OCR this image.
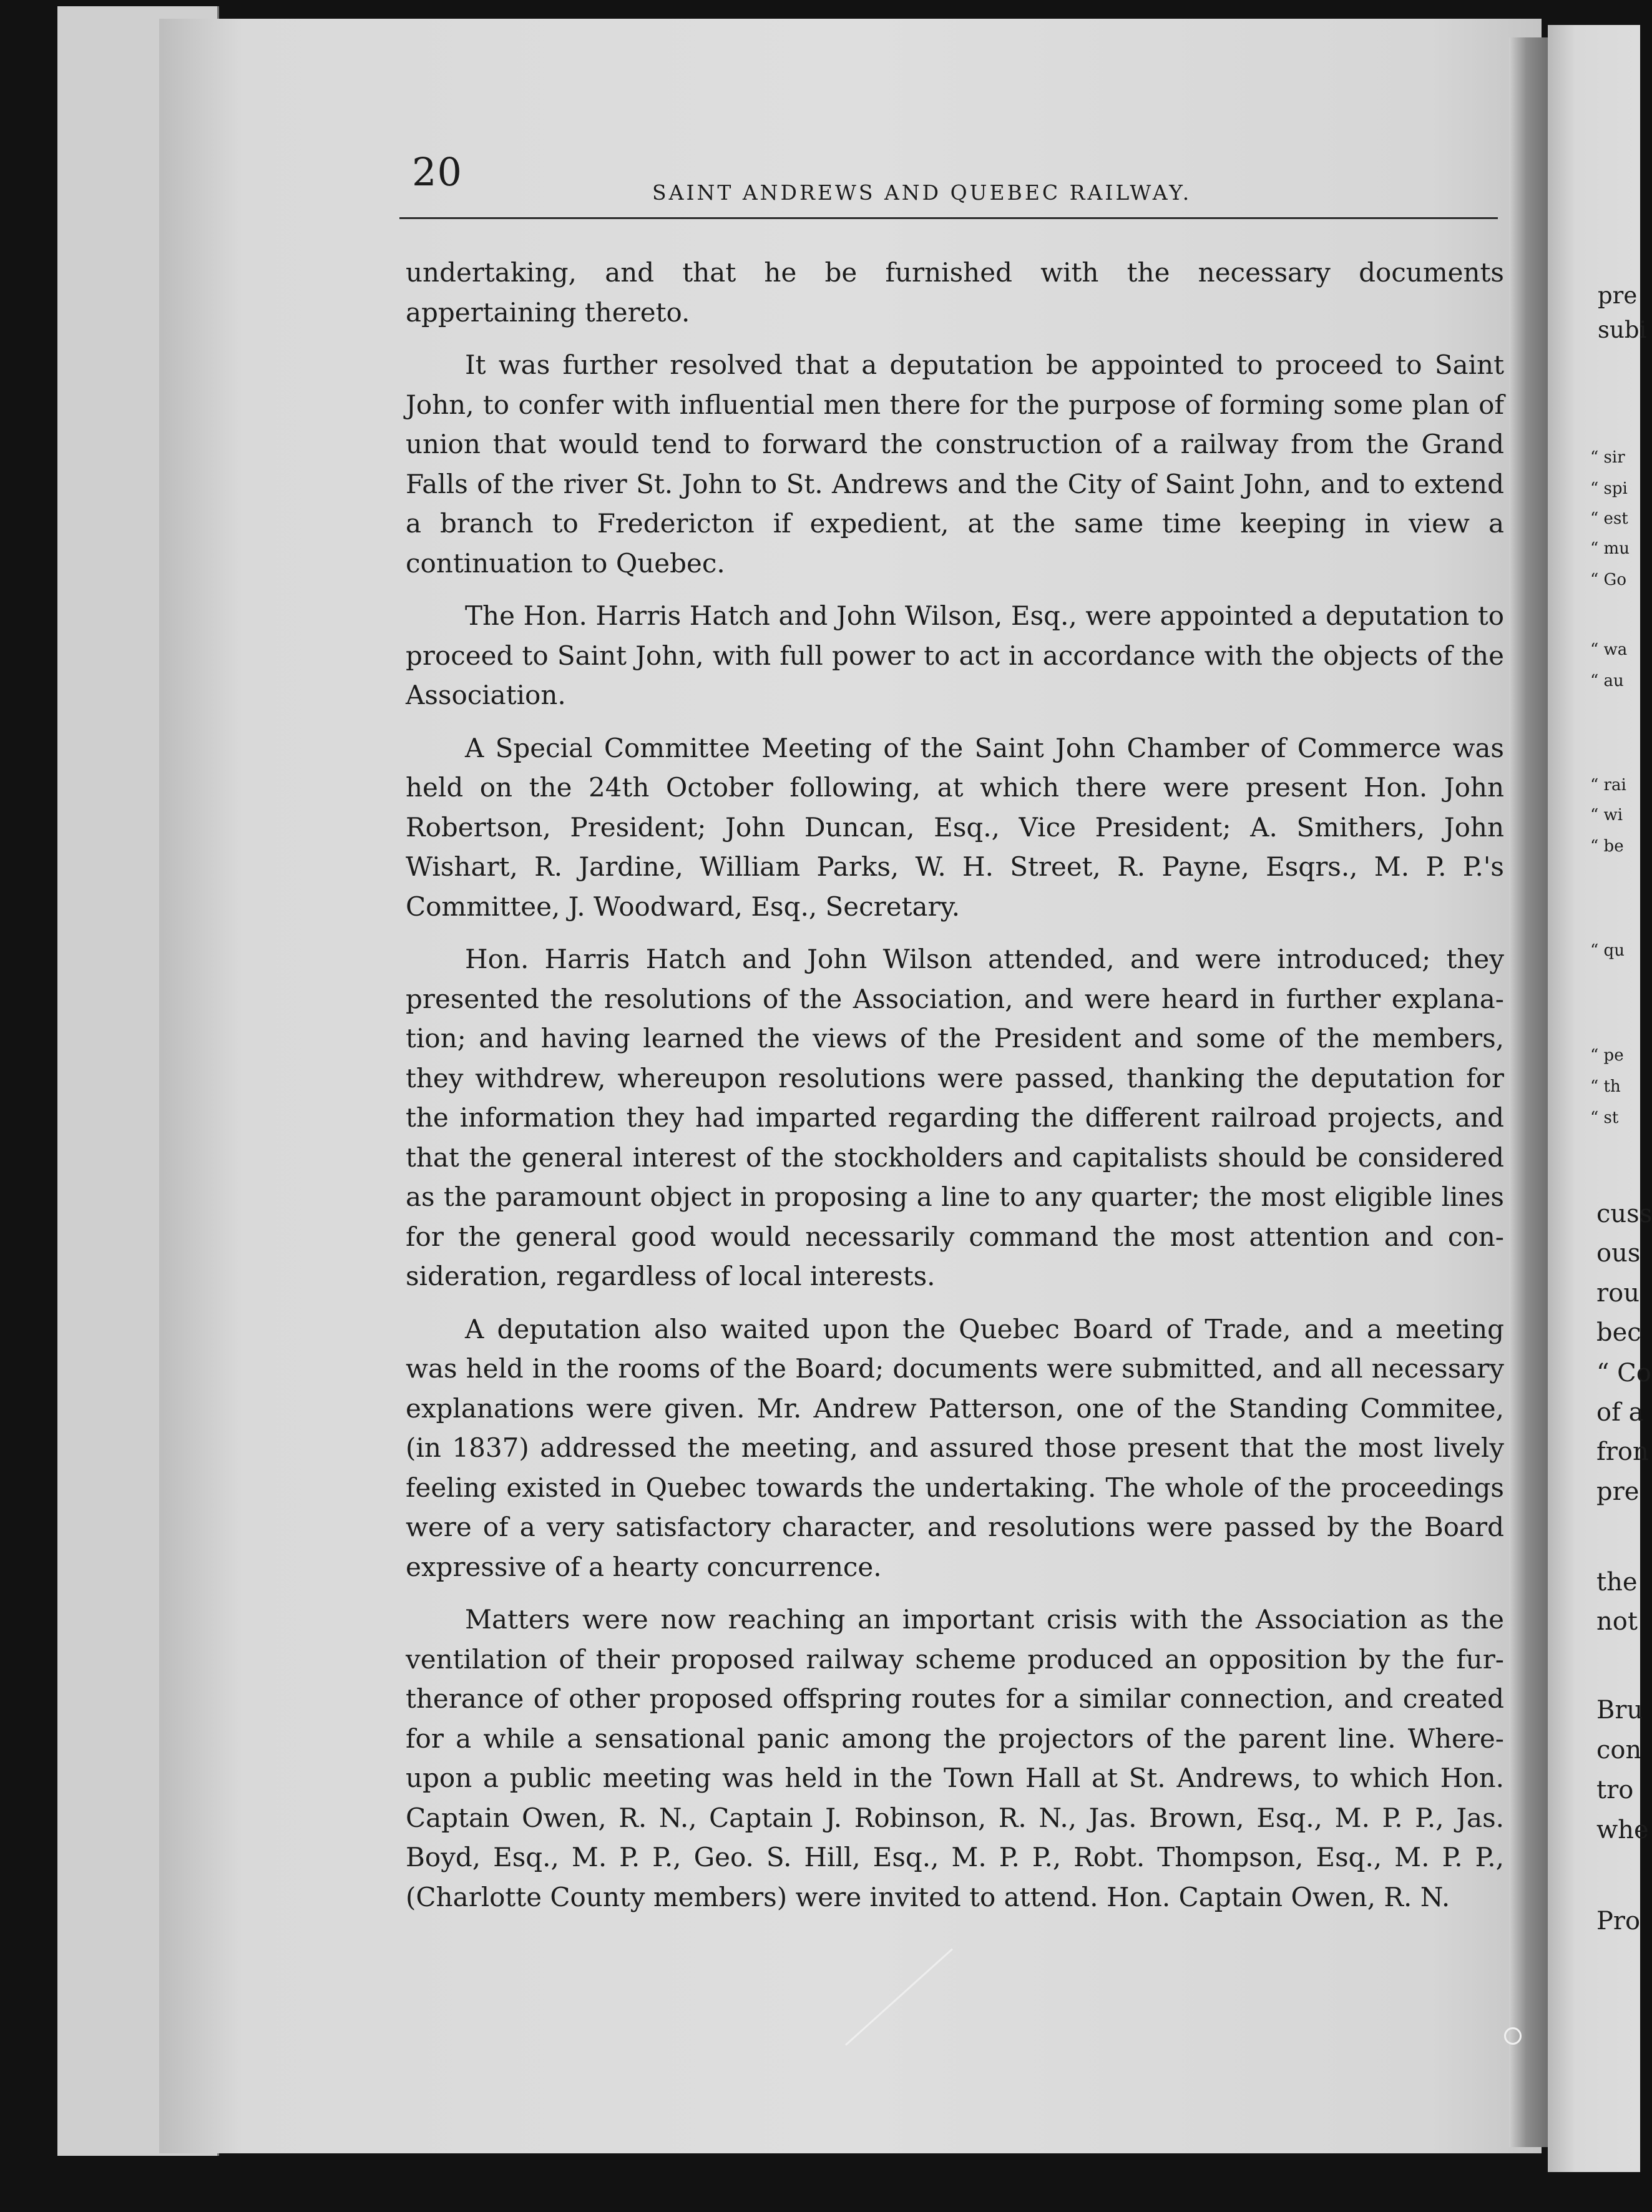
20	SAINT ANDREWS AND QUEBEC RAILWAY.

undertaking, and that he be furnished with the necessary documents appertaining thereto.

It was further resolved that a deputation be appointed to proceed to Saint John, to confer with influential men there for the purpose of forming some plan of union that would tend to forward the construction of a railway from the Grand Falls of the river St. John to St. Andrews and the City of Saint John, and to extend a branch to Fredericton if expedient, at the same time keeping in view a continuation to Quebec.

The Hon. Harris Hatch and John Wilson, Esq., were appointed a deputation to proceed to Saint John, with full power to act in accordance with the objects of the Association.

A Special Committee Meeting of the Saint John Chamber of Commerce was held on the 24th October following, at which there were present Hon. John Robertson, President; John Duncan, Esq., Vice President; A. Smithers, John Wishart, R. Jardine, William Parks, W. H. Street, R. Payne, Esqrs., M. P. P.'s Committee, J. Woodward, Esq., Secretary.

Hon. Harris Hatch and John Wilson attended, and were introduced; they presented the resolutions of the Association, and were heard in further explanation; and having learned the views of the President and some of the members, they withdrew, whereupon resolutions were passed, thanking the deputation for the information they had imparted regarding the different railroad projects, and that the general interest of the stockholders and capitalists should be considered as the paramount object in proposing a line to any quarter; the most eligible lines for the general good would necessarily command the most attention and consideration, regardless of local interests.

A deputation also waited upon the Quebec Board of Trade, and a meeting was held in the rooms of the Board; documents were submitted, and all necessary explanations were given. Mr. Andrew Patterson, one of the Standing Commitee, (in 1837) addressed the meeting, and assured those present that the most lively feeling existed in Quebec towards the undertaking. The whole of the proceedings were of a very satisfactory character, and resolutions were passed by the Board expressive of a hearty concurrence.

Matters were now reaching an important crisis with the Association as the ventilation of their proposed railway scheme produced an opposition by the furtherance of other proposed offspring routes for a similar connection, and created for a while a sensational panic among the projectors of the parent line. Whereupon a public meeting was held in the Town Hall at St. Andrews, to which Hon. Captain Owen, R. N., Captain J. Robinson, R. N., Jas. Brown, Esq., M. P. P., Jas. Boyd, Esq., M. P. P., Geo. S. Hill, Esq., M. P. P., Robt. Thompson, Esq., M. P. P., (Charlotte County members) were invited to attend. Hon. Captain Owen, R. N.

pre
subi
“ sir
“ spi
“ est
“ mu
“ Go
“ wa
“ au
“ rai
“ wi
“ be
“ qu
“ pe
“ th
“ st
cuss
ous
rou
bec
“ Co
of a
fron
pre
the
not
Bru
con
tro
whe
Pro
